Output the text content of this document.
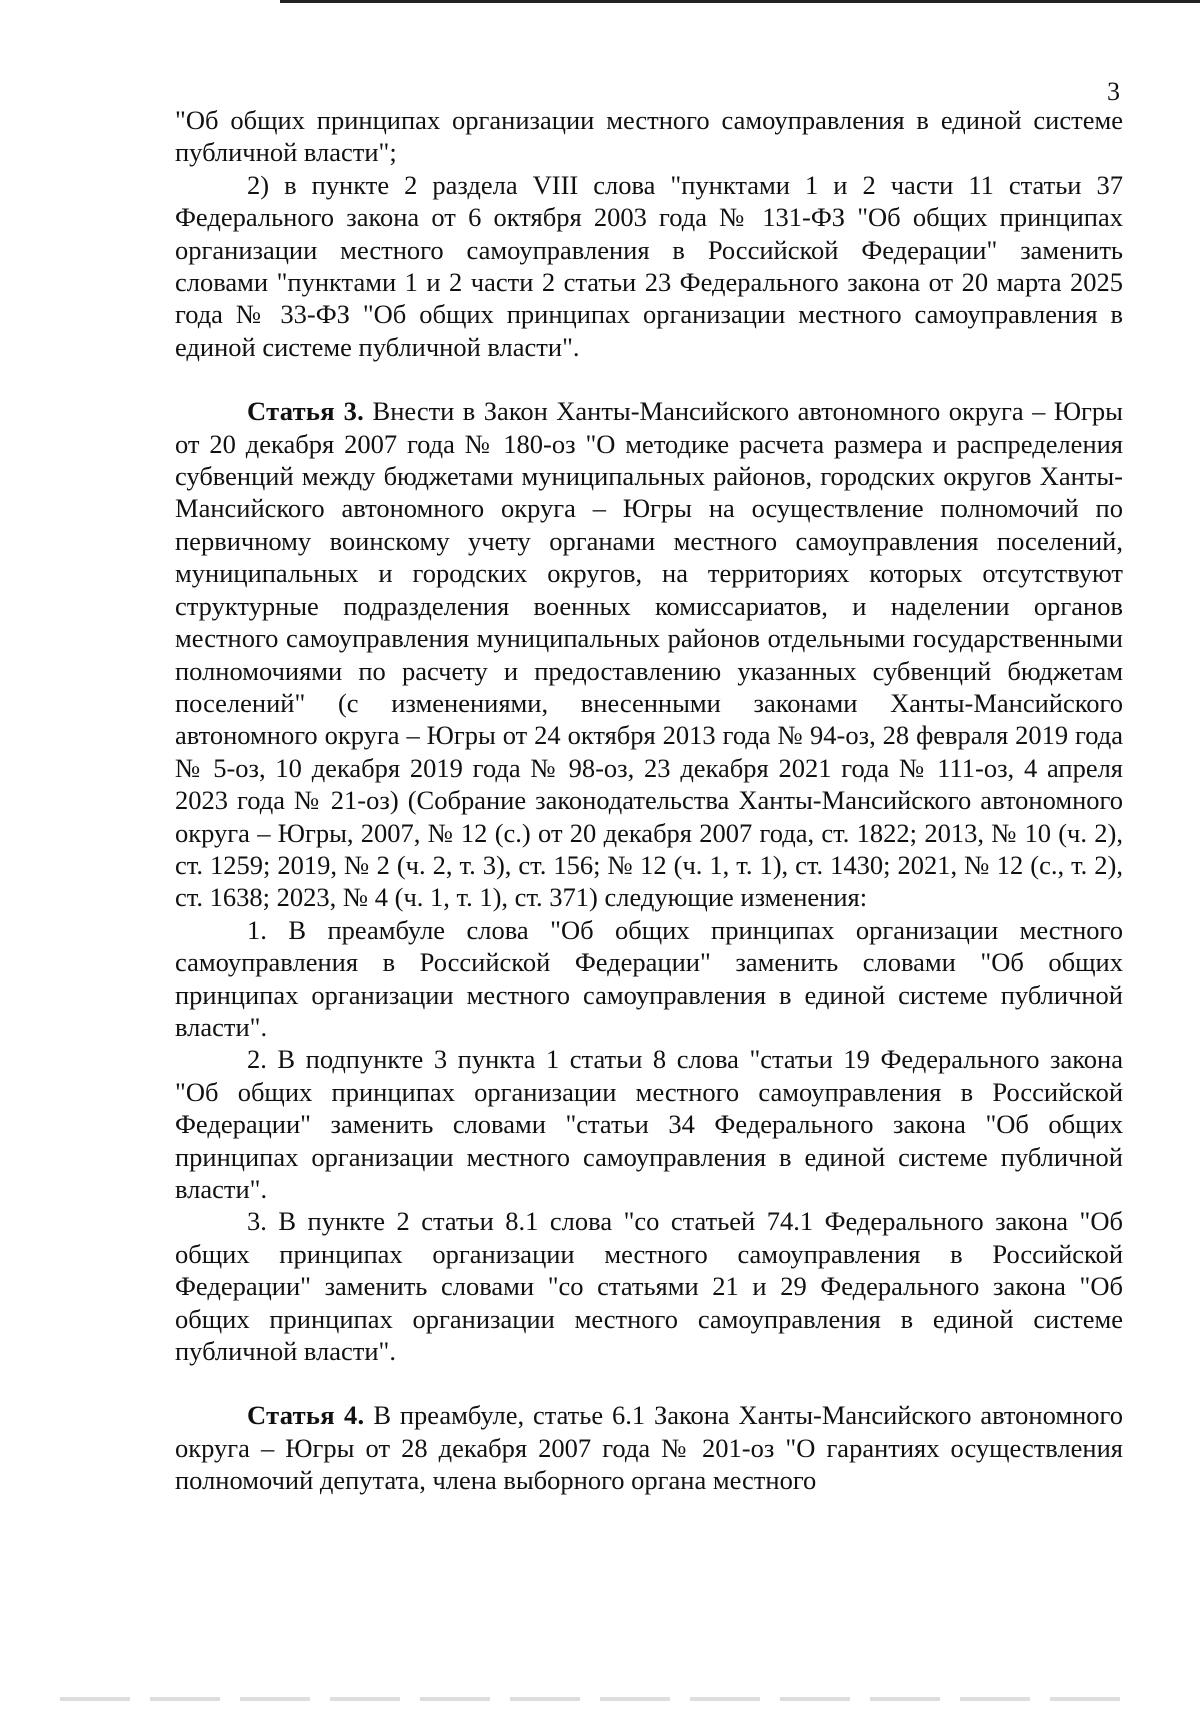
3

"Об общих принципах организации местного самоуправления в единой системе публичной власти";

2) в пункте 2 раздела VIII слова "пунктами 1 и 2 части 11 статьи 37 Федерального закона от 6 октября 2003 года № 131-ФЗ "Об общих принципах организации местного самоуправления в Российской Федерации" заменить словами "пунктами 1 и 2 части 2 статьи 23 Федерального закона от 20 марта 2025 года № 33-ФЗ "Об общих принципах организации местного самоуправления в единой системе публичной власти".

Статья 3. Внести в Закон Ханты-Мансийского автономного округа – Югры от 20 декабря 2007 года № 180-оз "О методике расчета размера и распределения субвенций между бюджетами муниципальных районов, городских округов Ханты-Мансийского автономного округа – Югры на осуществление полномочий по первичному воинскому учету органами местного самоуправления поселений, муниципальных и городских округов, на территориях которых отсутствуют структурные подразделения военных комиссариатов, и наделении органов местного самоуправления муниципальных районов отдельными государственными полномочиями по расчету и предоставлению указанных субвенций бюджетам поселений" (с изменениями, внесенными законами Ханты-Мансийского автономного округа – Югры от 24 октября 2013 года № 94-оз, 28 февраля 2019 года № 5-оз, 10 декабря 2019 года № 98-оз, 23 декабря 2021 года № 111-оз, 4 апреля 2023 года № 21-оз) (Собрание законодательства Ханты-Мансийского автономного округа – Югры, 2007, № 12 (с.) от 20 декабря 2007 года, ст. 1822; 2013, № 10 (ч. 2), ст. 1259; 2019, № 2 (ч. 2, т. 3), ст. 156; № 12 (ч. 1, т. 1), ст. 1430; 2021, № 12 (с., т. 2), ст. 1638; 2023, № 4 (ч. 1, т. 1), ст. 371) следующие изменения:

1. В преамбуле слова "Об общих принципах организации местного самоуправления в Российской Федерации" заменить словами "Об общих принципах организации местного самоуправления в единой системе публичной власти".

2. В подпункте 3 пункта 1 статьи 8 слова "статьи 19 Федерального закона "Об общих принципах организации местного самоуправления в Российской Федерации" заменить словами "статьи 34 Федерального закона "Об общих принципах организации местного самоуправления в единой системе публичной власти".

3. В пункте 2 статьи 8.1 слова "со статьей 74.1 Федерального закона "Об общих принципах организации местного самоуправления в Российской Федерации" заменить словами "со статьями 21 и 29 Федерального закона "Об общих принципах организации местного самоуправления в единой системе публичной власти".

Статья 4. В преамбуле, статье 6.1 Закона Ханты-Мансийского автономного округа – Югры от 28 декабря 2007 года № 201-оз "О гарантиях осуществления полномочий депутата, члена выборного органа местного
